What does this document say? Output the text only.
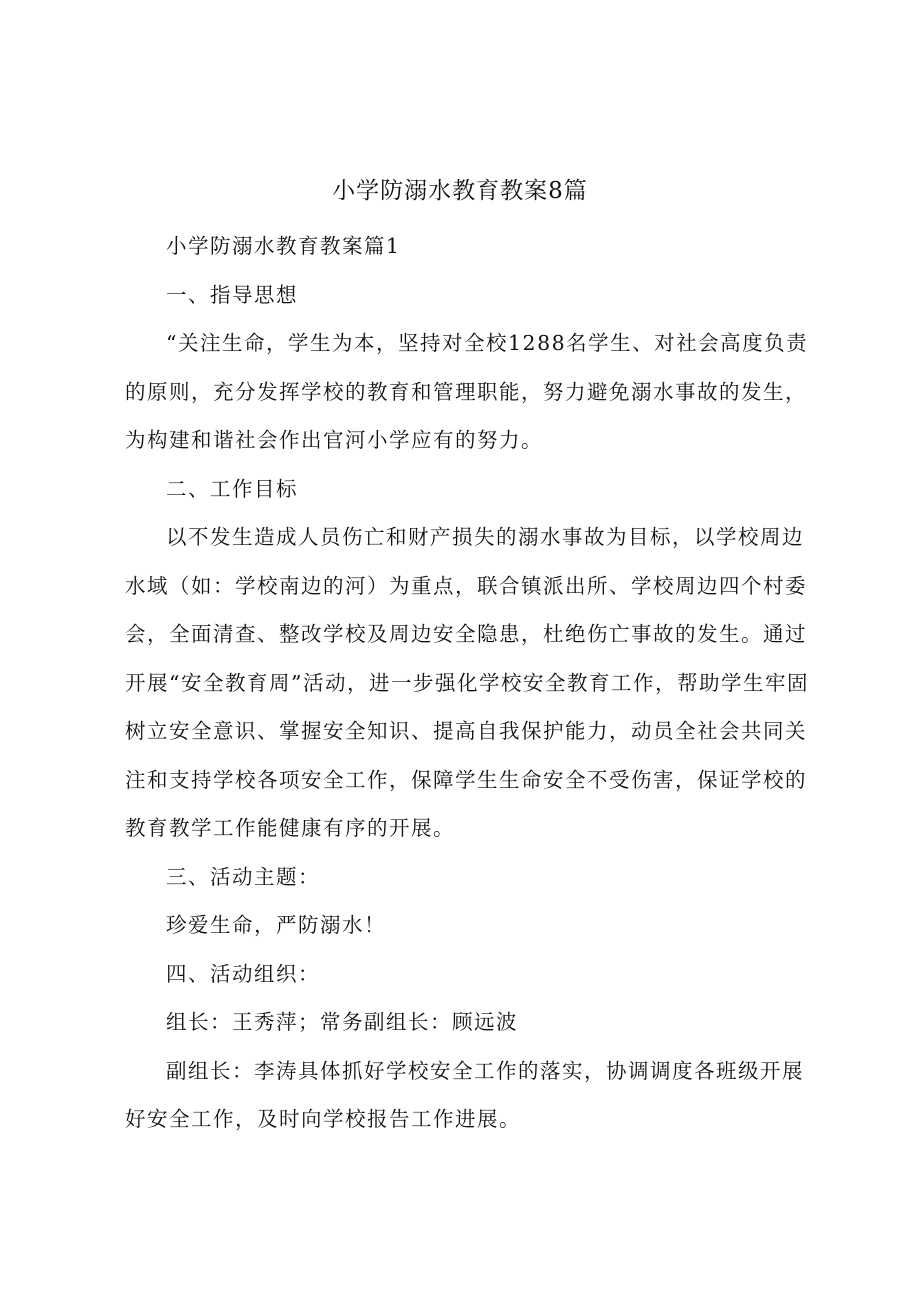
小学防溺水教育教案8篇

小学防溺水教育教案篇1

一、指导思想

“关注生命，学生为本，坚持对全校1288名学生、对社会高度负责的原则，充分发挥学校的教育和管理职能，努力避免溺水事故的发生，为构建和谐社会作出官河小学应有的努力。

二、工作目标

以不发生造成人员伤亡和财产损失的溺水事故为目标，以学校周边水域（如：学校南边的河）为重点，联合镇派出所、学校周边四个村委会，全面清查、整改学校及周边安全隐患，杜绝伤亡事故的发生。通过开展“安全教育周”活动，进一步强化学校安全教育工作，帮助学生牢固树立安全意识、掌握安全知识、提高自我保护能力，动员全社会共同关注和支持学校各项安全工作，保障学生生命安全不受伤害，保证学校的教育教学工作能健康有序的开展。

三、活动主题：

珍爱生命，严防溺水！

四、活动组织：

组长：王秀萍；常务副组长：顾远波

副组长：李涛具体抓好学校安全工作的落实，协调调度各班级开展好安全工作，及时向学校报告工作进展。
